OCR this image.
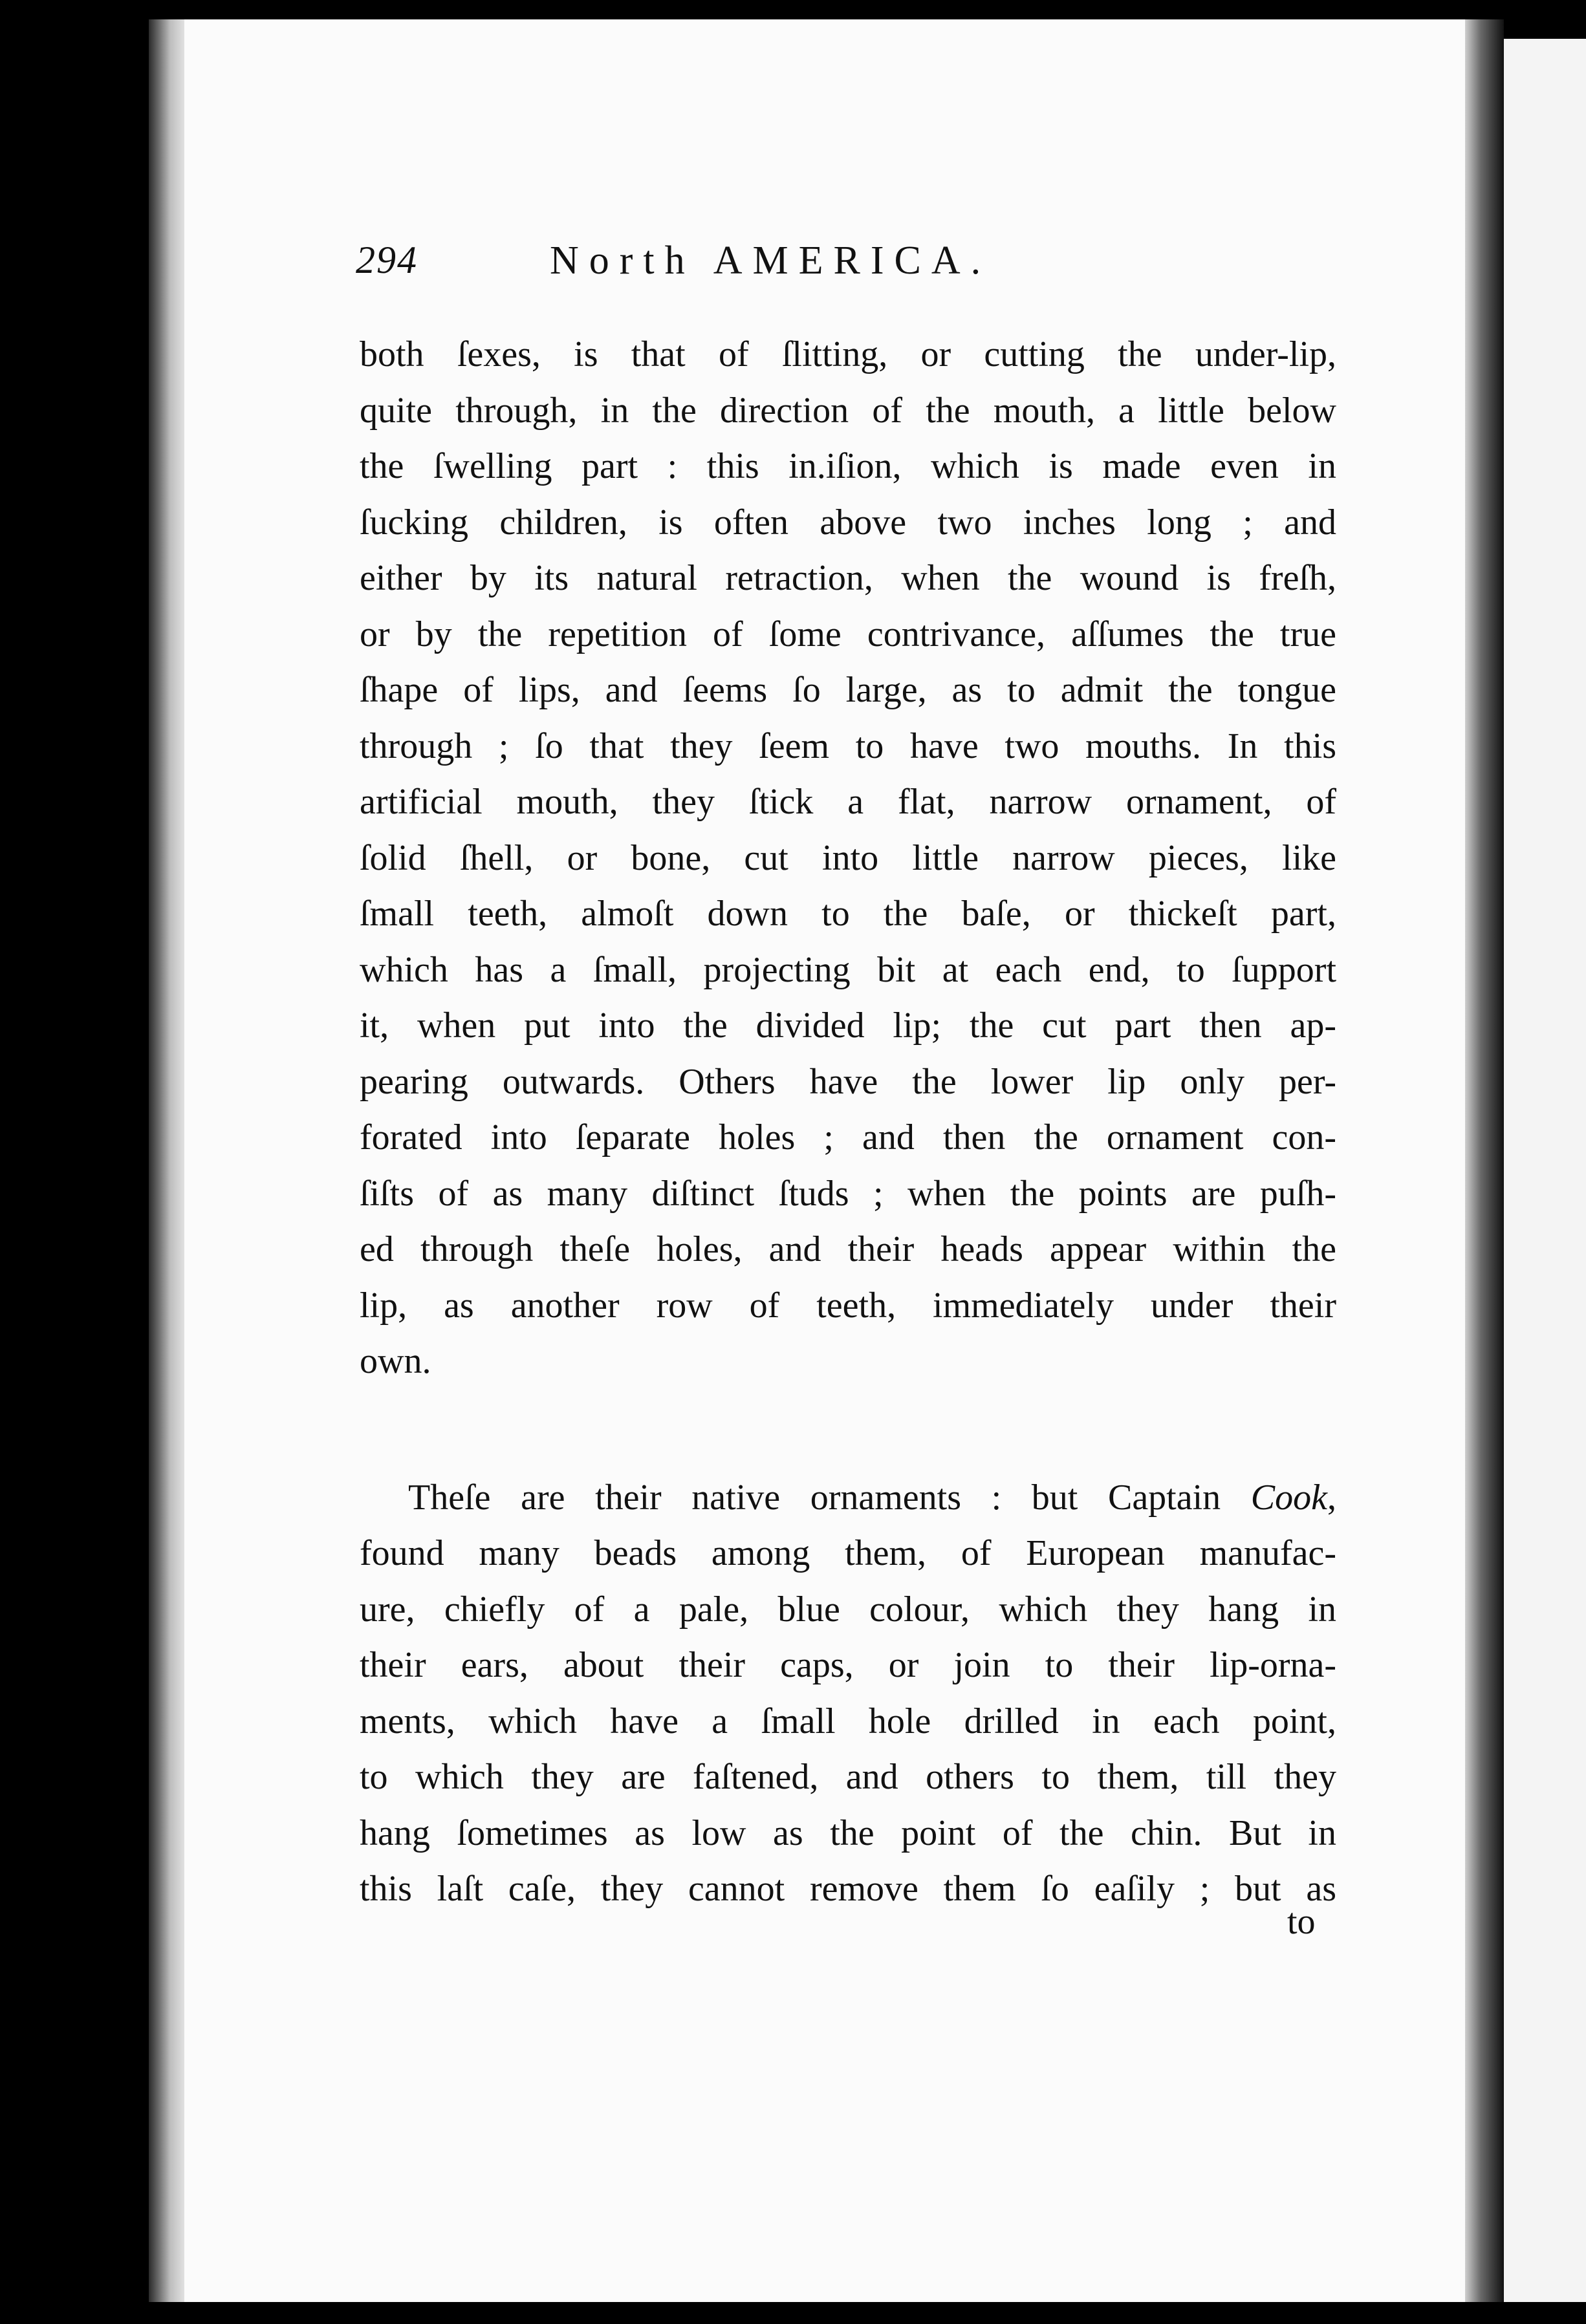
294	North AMERICA.
both ſexes, is that of ſlitting, or cutting the under-lip,
quite through, in the direction of the mouth, a little below
the ſwelling part : this in.iſion, which is made even in
ſucking children, is often above two inches long ; and
either by its natural retraction, when the wound is freſh,
or by the repetition of ſome contrivance, aſſumes the true
ſhape of lips, and ſeems ſo large, as to admit the tongue
through ; ſo that they ſeem to have two mouths. In this
artificial mouth, they ſtick a flat, narrow ornament, of
ſolid ſhell, or bone, cut into little narrow pieces, like
ſmall teeth, almoſt down to the baſe, or thickeſt part,
which has a ſmall, projecting bit at each end, to ſupport
it, when put into the divided lip; the cut part then ap-
pearing outwards. Others have the lower lip only per-
forated into ſeparate holes ; and then the ornament con-
ſiſts of as many diſtinct ſtuds ; when the points are puſh-
ed through theſe holes, and their heads appear within the
lip, as another row of teeth, immediately under their
own.
Theſe are their native ornaments : but Captain Cook,
found many beads among them, of European manufac-
ure, chiefly of a pale, blue colour, which they hang in
their ears, about their caps, or join to their lip-orna-
ments, which have a ſmall hole drilled in each point,
to which they are faſtened, and others to them, till they
hang ſometimes as low as the point of the chin. But in
this laſt caſe, they cannot remove them ſo eaſily ; but as
to
